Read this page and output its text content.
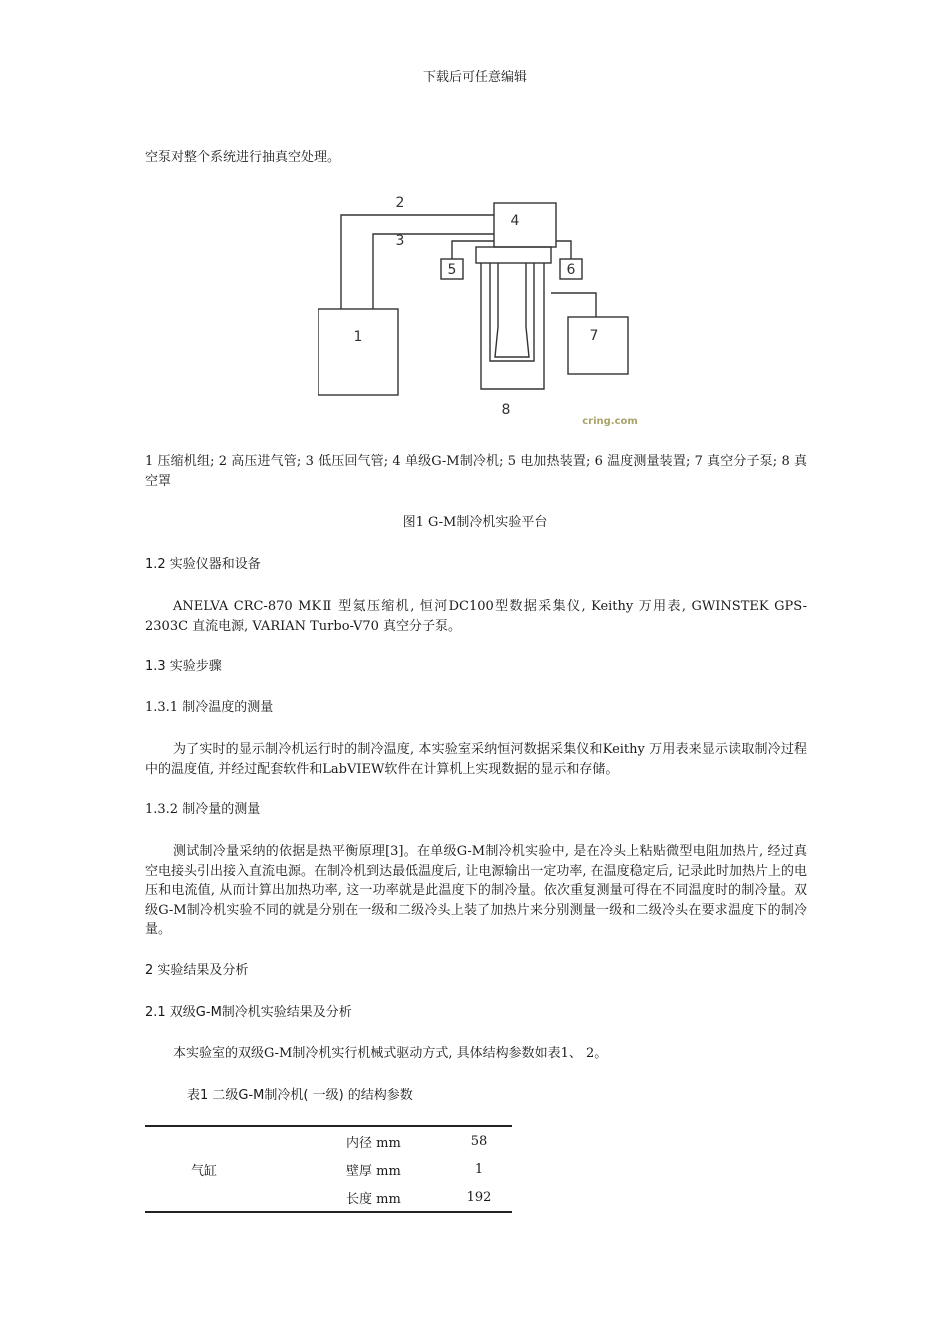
下载后可任意编辑
空泵对整个系统进行抽真空处理。
1
2
3
4
5	6
7
8
cring.com
1 压缩机组; 2 高压进气管; 3 低压回气管; 4 单级G-M制冷机; 5 电加热装置; 6 温度测量装置; 7 真空分子泵; 8 真空罩
图1 G-M制冷机实验平台
1.2 实验仪器和设备
ANELVA CRC-870 MKⅡ 型氦压缩机, 恒河DC100型数据采集仪, Keithy 万用表, GWINSTEK GPS-2303C 直流电源, VARIAN Turbo-V70 真空分子泵。
1.3 实验步骤
1.3.1 制冷温度的测量
为了实时的显示制冷机运行时的制冷温度, 本实验室采纳恒河数据采集仪和Keithy 万用表来显示读取制冷过程中的温度值, 并经过配套软件和LabVIEW软件在计算机上实现数据的显示和存储。
1.3.2 制冷量的测量
测试制冷量采纳的依据是热平衡原理[3]。在单级G-M制冷机实验中, 是在冷头上粘贴微型电阻加热片, 经过真空电接头引出接入直流电源。在制冷机到达最低温度后, 让电源输出一定功率, 在温度稳定后, 记录此时加热片上的电压和电流值, 从而计算出加热功率, 这一功率就是此温度下的制冷量。依次重复测量可得在不同温度时的制冷量。双级G-M制冷机实验不同的就是分别在一级和二级冷头上装了加热片来分别测量一级和二级冷头在要求温度下的制冷量。
2 实验结果及分析
2.1 双级G-M制冷机实验结果及分析
本实验室的双级G-M制冷机实行机械式驱动方式, 具体结构参数如表1、 2。
表1 二级G-M制冷机( 一级) 的结构参数
气缸	内径 mm	58
	壁厚 mm	1
	长度 mm	192
